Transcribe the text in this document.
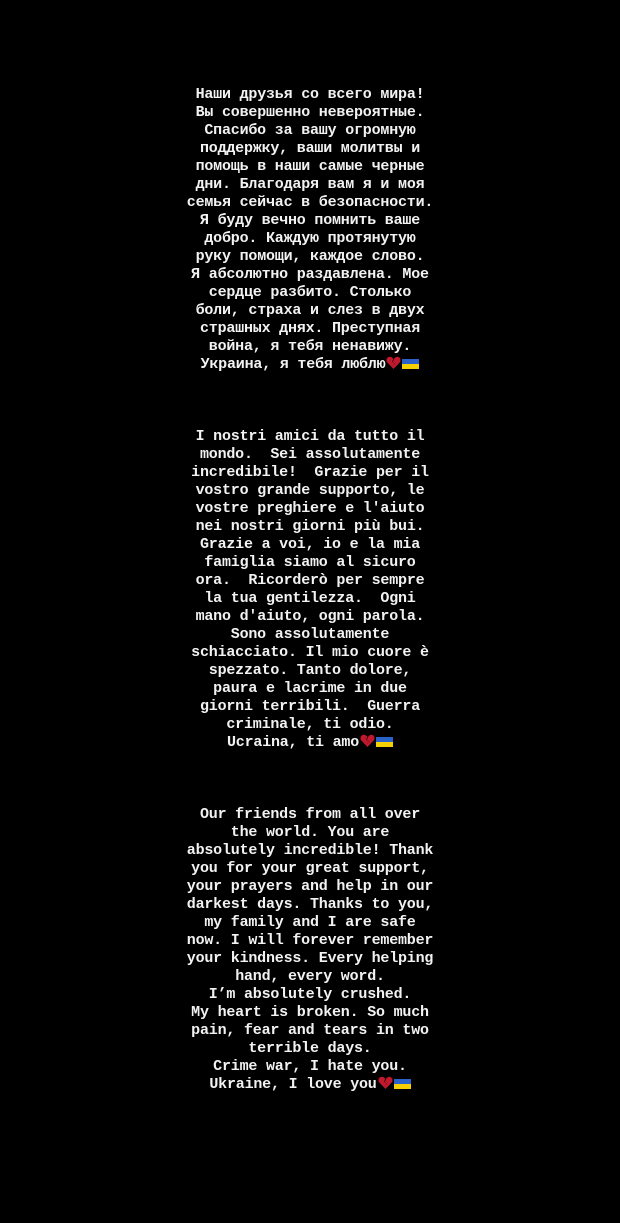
Наши друзья со всего мира!
Вы совершенно невероятные.
Спасибо за вашу огромную
поддержку, ваши молитвы и
помощь в наши самые черные
дни. Благодаря вам я и моя
семья сейчас в безопасности.
Я буду вечно помнить ваше
добро. Каждую протянутую
руку помощи, каждое слово.
Я абсолютно раздавлена. Мое
сердце разбито. Столько
боли, страха и слез в двух
страшных днях. Преступная
война, я тебя ненавижу.
Украина, я тебя люблю
I nostri amici da tutto il
mondo.  Sei assolutamente
incredibile!  Grazie per il
vostro grande supporto, le
vostre preghiere e l'aiuto
nei nostri giorni più bui.
Grazie a voi, io e la mia
famiglia siamo al sicuro
ora.  Ricorderò per sempre
la tua gentilezza.  Ogni
mano d'aiuto, ogni parola.
Sono assolutamente
schiacciato. Il mio cuore è
spezzato. Tanto dolore,
paura e lacrime in due
giorni terribili.  Guerra
criminale, ti odio.
Ucraina, ti amo
Our friends from all over
the world. You are
absolutely incredible! Thank
you for your great support,
your prayers and help in our
darkest days. Thanks to you,
my family and I are safe
now. I will forever remember
your kindness. Every helping
hand, every word.
I’m absolutely crushed.
My heart is broken. So much
pain, fear and tears in two
terrible days.
Crime war, I hate you.
Ukraine, I love you
